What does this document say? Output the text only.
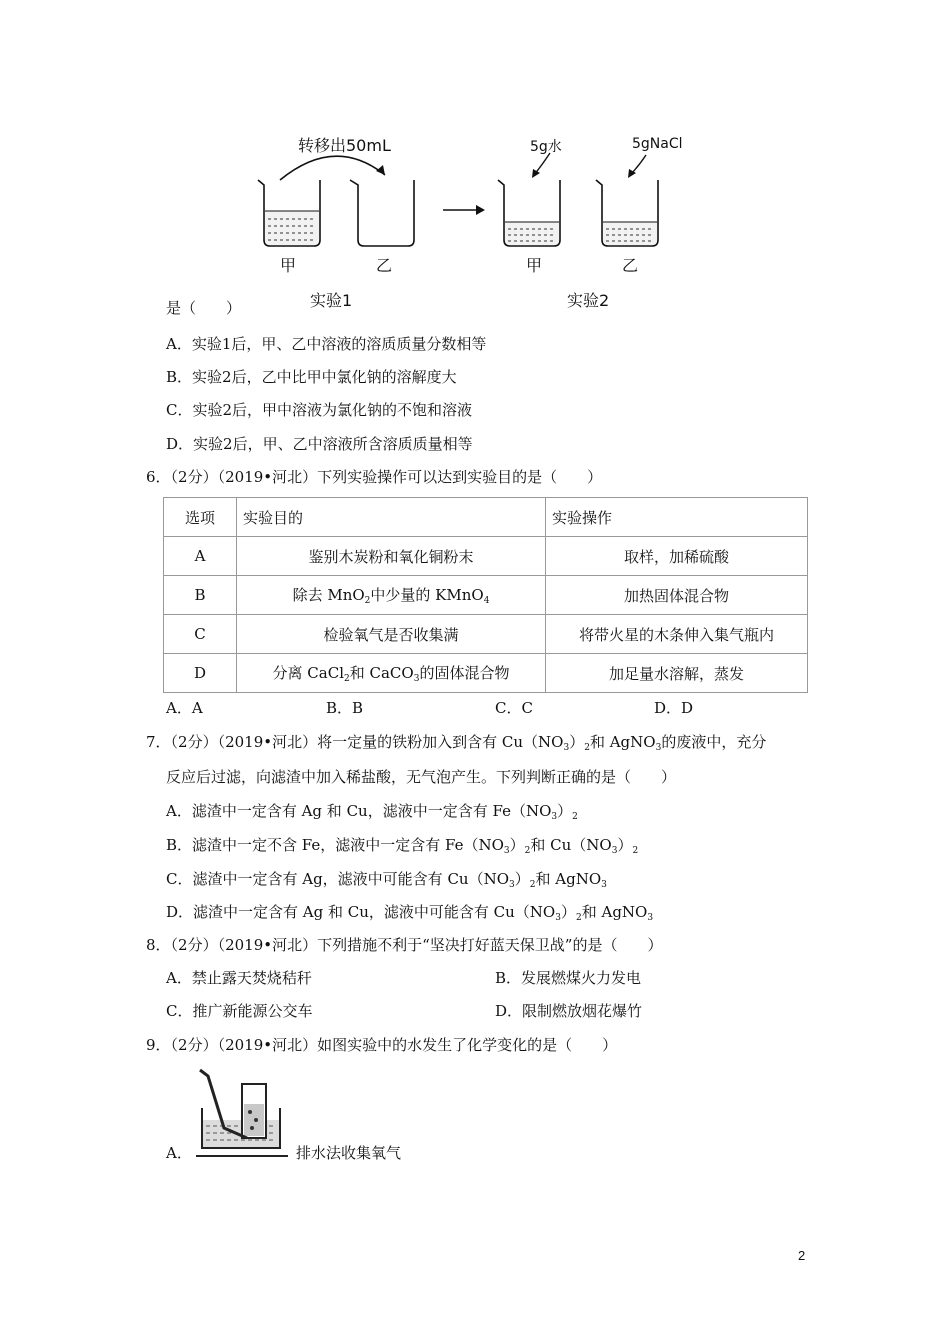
转移出50mL	5g水	5gNaCl
甲	乙	甲	乙
实验1	实验2
是（　　）
A．实验1后，甲、乙中溶液的溶质质量分数相等
B．实验2后，乙中比甲中氯化钠的溶解度大
C．实验2后，甲中溶液为氯化钠的不饱和溶液
D．实验2后，甲、乙中溶液所含溶质质量相等
6．（2分）（2019•河北）下列实验操作可以达到实验目的是（　　）
选项	实验目的	实验操作
A	鉴别木炭粉和氧化铜粉末	取样，加稀硫酸
B	除去 MnO$_2$中少量的 KMnO$_4$	加热固体混合物
C	检验氧气是否收集满	将带火星的木条伸入集气瓶内
D	分离 CaCl$_2$和 CaCO$_3$的固体混合物	加足量水溶解，蒸发
A．A	B．B	C．C	D．D
7．（2分）（2019•河北）将一定量的铁粉加入到含有 $Cu(NO_3)_2$和 AgNO$_3$的废液中，充分
反应后过滤，向滤渣中加入稀盐酸，无气泡产生。下列判断正确的是（　　）
A．滤渣中一定含有 Ag 和 Cu，滤液中一定含有 $Fe(NO_3)_2$
B．滤渣中一定不含 Fe，滤液中一定含有 $Fe(NO_3)_2$和 $Cu(NO_3)_2$
C．滤渣中一定含有 Ag，滤液中可能含有 $Cu(NO_3)_2$和 AgNO$_3$
D．滤渣中一定含有 Ag 和 Cu，滤液中可能含有 $Cu(NO_3)_2$和 AgNO$_3$
8．（2分）（2019•河北）下列措施不利于“坚决打好蓝天保卫战”的是（　　）
A．禁止露天焚烧秸秆	B．发展燃煤火力发电
C．推广新能源公交车	D．限制燃放烟花爆竹
9．（2分）（2019•河北）如图实验中的水发生了化学变化的是（　　）
A．	排水法收集氧气
2
